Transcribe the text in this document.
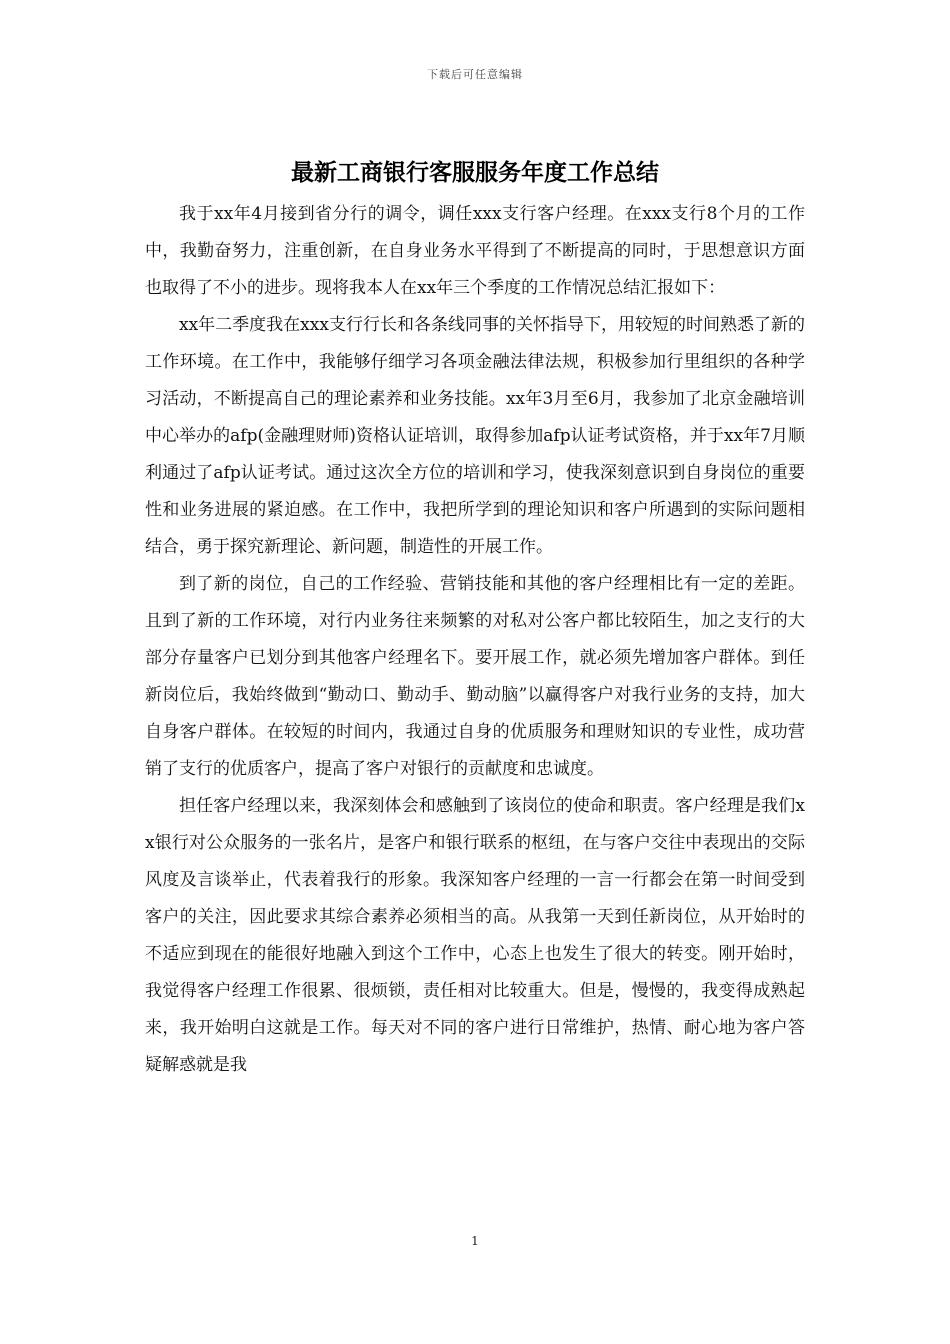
下载后可任意编辑
最新工商银行客服服务年度工作总结

我于xx年4月接到省分行的调令，调任xxx支行客户经理。在xxx支行8个月的工作中，我勤奋努力，注重创新，在自身业务水平得到了不断提高的同时，于思想意识方面也取得了不小的进步。现将我本人在xx年三个季度的工作情况总结汇报如下：

xx年二季度我在xxx支行行长和各条线同事的关怀指导下，用较短的时间熟悉了新的工作环境。在工作中，我能够仔细学习各项金融法律法规，积极参加行里组织的各种学习活动，不断提高自己的理论素养和业务技能。xx年3月至6月，我参加了北京金融培训中心举办的afp(金融理财师)资格认证培训，取得参加afp认证考试资格，并于xx年7月顺利通过了afp认证考试。通过这次全方位的培训和学习，使我深刻意识到自身岗位的重要性和业务进展的紧迫感。在工作中，我把所学到的理论知识和客户所遇到的实际问题相结合，勇于探究新理论、新问题，制造性的开展工作。

到了新的岗位，自己的工作经验、营销技能和其他的客户经理相比有一定的差距。且到了新的工作环境，对行内业务往来频繁的对私对公客户都比较陌生，加之支行的大部分存量客户已划分到其他客户经理名下。要开展工作，就必须先增加客户群体。到任新岗位后，我始终做到“勤动口、勤动手、勤动脑”以赢得客户对我行业务的支持，加大自身客户群体。在较短的时间内，我通过自身的优质服务和理财知识的专业性，成功营销了支行的优质客户，提高了客户对银行的贡献度和忠诚度。

担任客户经理以来，我深刻体会和感触到了该岗位的使命和职责。客户经理是我们xx银行对公众服务的一张名片，是客户和银行联系的枢纽，在与客户交往中表现出的交际风度及言谈举止，代表着我行的形象。我深知客户经理的一言一行都会在第一时间受到客户的关注，因此要求其综合素养必须相当的高。从我第一天到任新岗位，从开始时的不适应到现在的能很好地融入到这个工作中，心态上也发生了很大的转变。刚开始时，我觉得客户经理工作很累、很烦锁，责任相对比较重大。但是，慢慢的，我变得成熟起来，我开始明白这就是工作。每天对不同的客户进行日常维护，热情、耐心地为客户答疑解惑就是我

1
